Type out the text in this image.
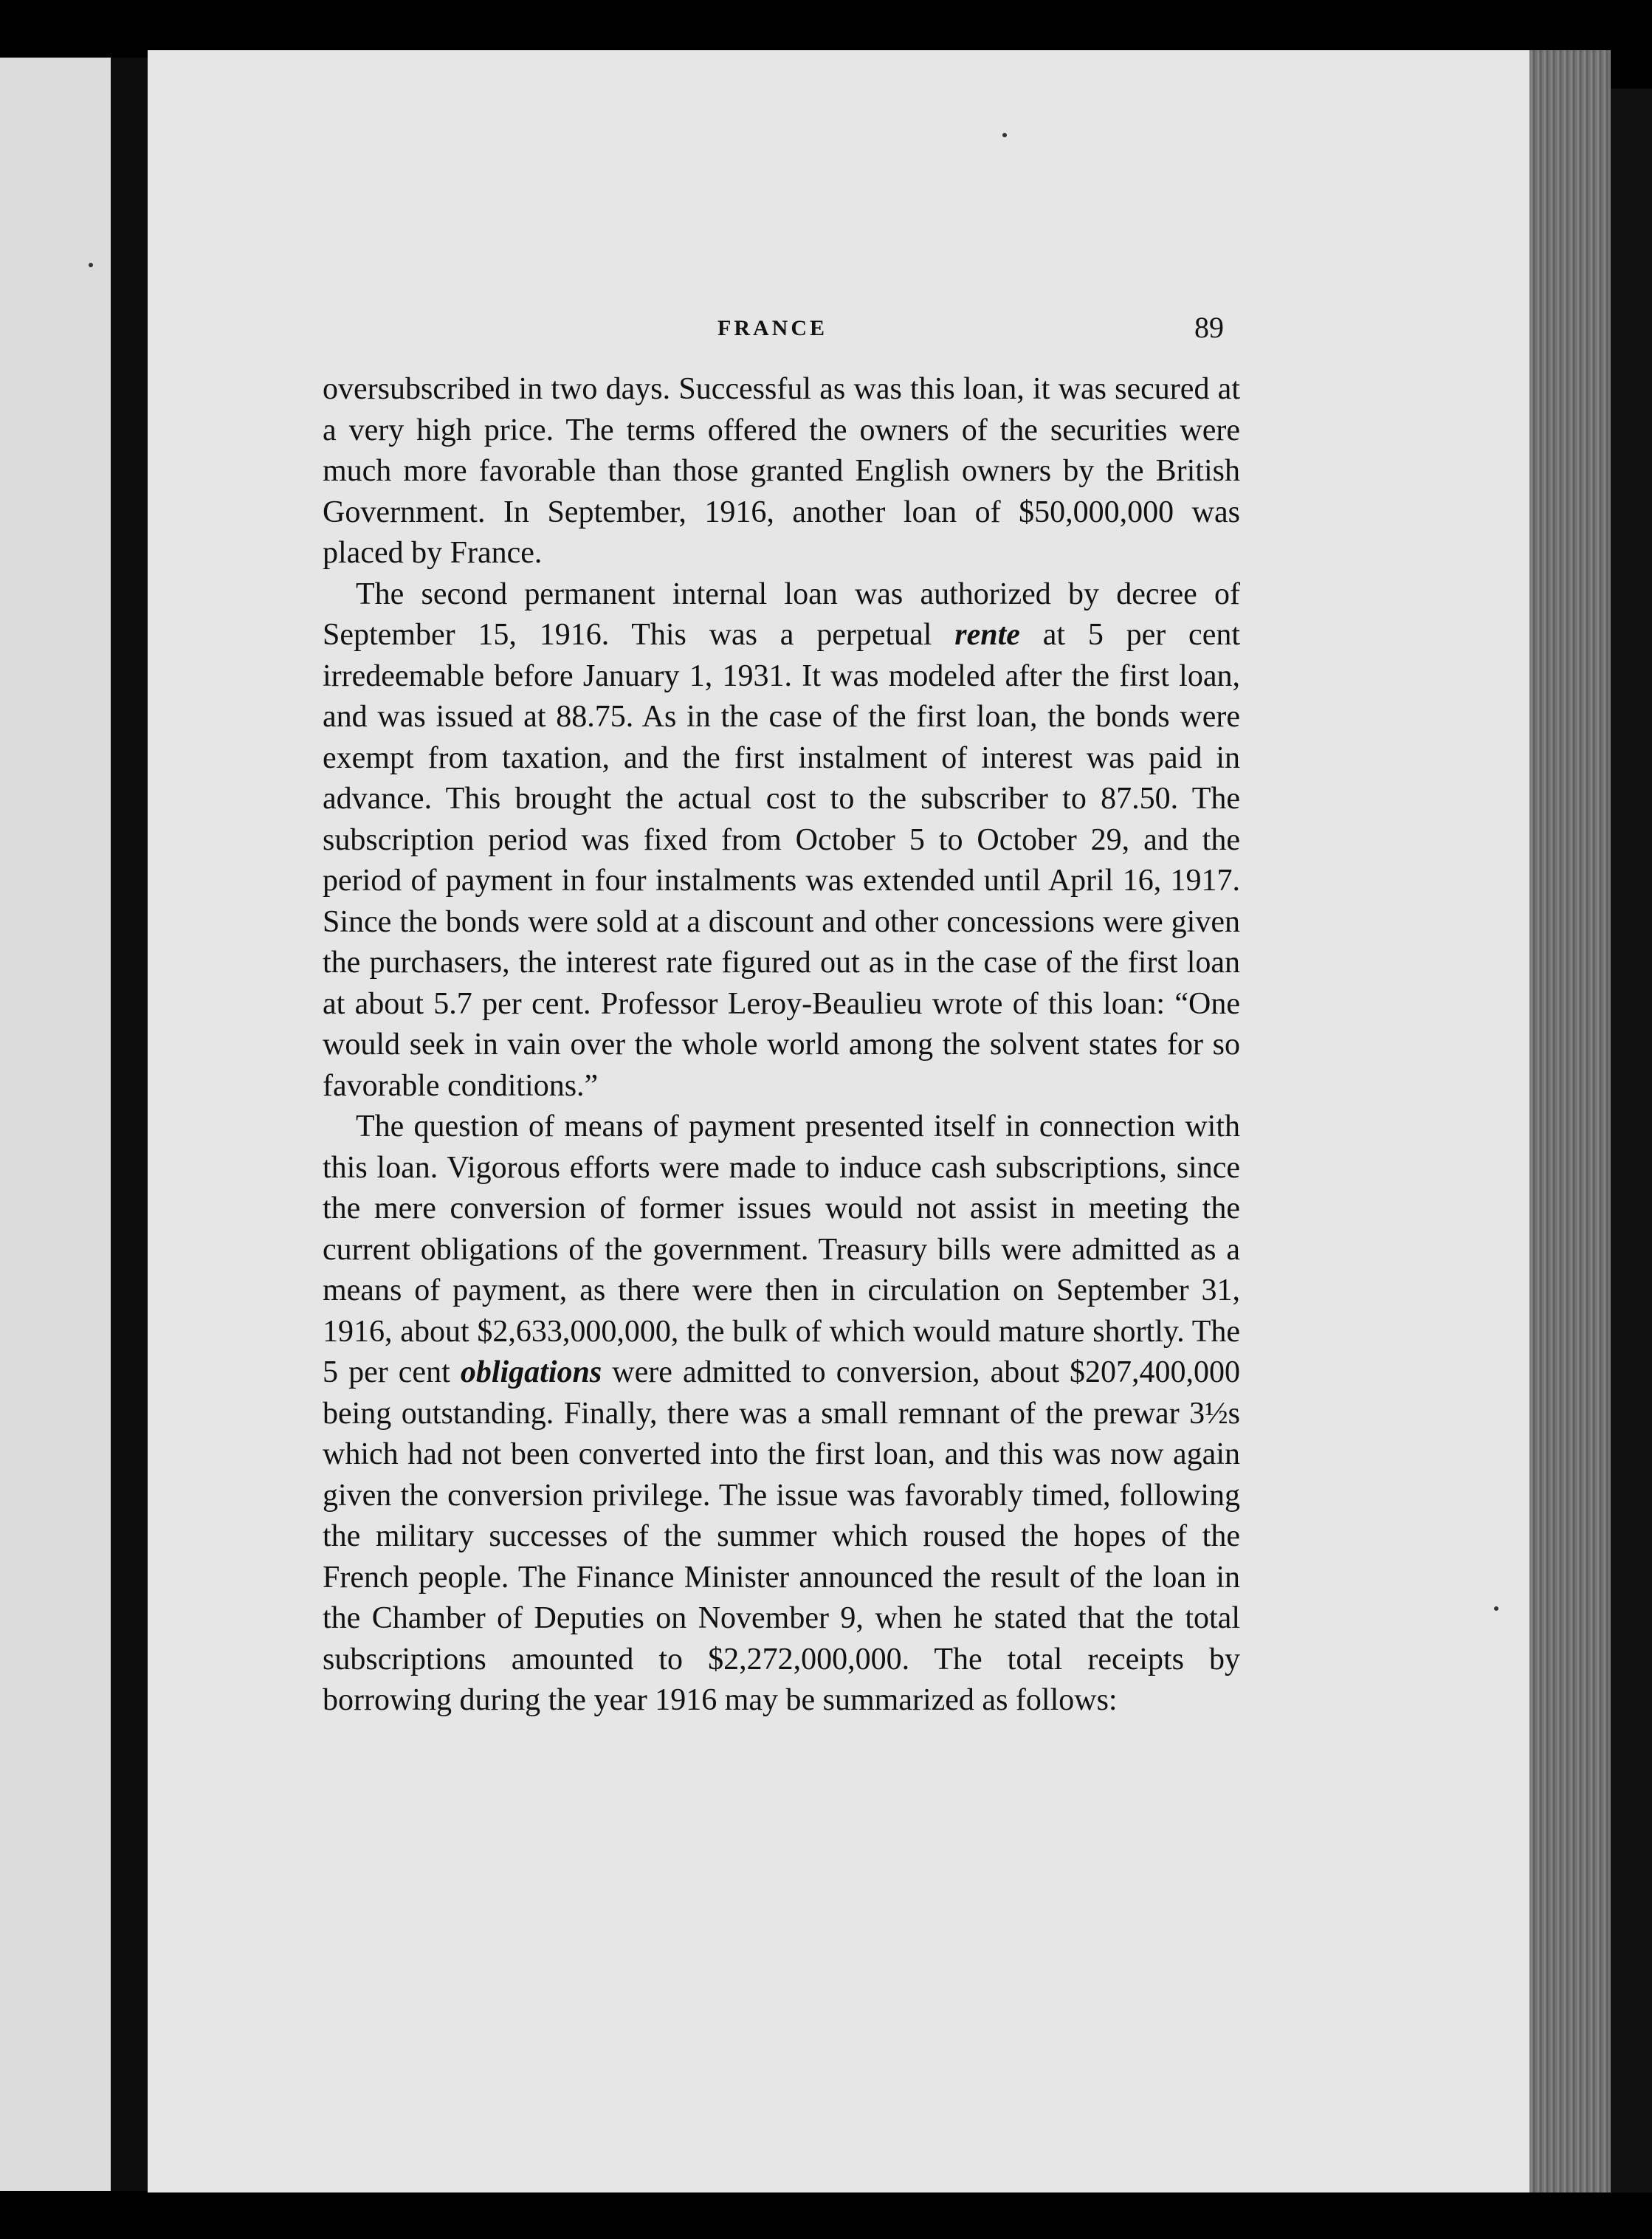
FRANCE	89

oversubscribed in two days. Successful as was this loan, it was secured at a very high price. The terms offered the owners of the securities were much more favorable than those granted English owners by the British Government. In September, 1916, another loan of $50,000,000 was placed by France.

The second permanent internal loan was authorized by decree of September 15, 1916. This was a perpetual rente at 5 per cent irredeemable before January 1, 1931. It was modeled after the first loan, and was issued at 88.75. As in the case of the first loan, the bonds were exempt from taxation, and the first instalment of interest was paid in advance. This brought the actual cost to the subscriber to 87.50. The subscription period was fixed from October 5 to October 29, and the period of payment in four instalments was extended until April 16, 1917. Since the bonds were sold at a discount and other concessions were given the purchasers, the interest rate figured out as in the case of the first loan at about 5.7 per cent. Professor Leroy-Beaulieu wrote of this loan: “One would seek in vain over the whole world among the solvent states for so favorable conditions.”

The question of means of payment presented itself in connection with this loan. Vigorous efforts were made to induce cash subscriptions, since the mere conversion of former issues would not assist in meeting the current obligations of the government. Treasury bills were admitted as a means of payment, as there were then in circulation on September 31, 1916, about $2,633,000,000, the bulk of which would mature shortly. The 5 per cent obligations were admitted to conversion, about $207,400,000 being outstanding. Finally, there was a small remnant of the prewar 3½s which had not been converted into the first loan, and this was now again given the conversion privilege. The issue was favorably timed, following the military successes of the summer which roused the hopes of the French people. The Finance Minister announced the result of the loan in the Chamber of Deputies on November 9, when he stated that the total subscriptions amounted to $2,272,000,000. The total receipts by borrowing during the year 1916 may be summarized as follows:
